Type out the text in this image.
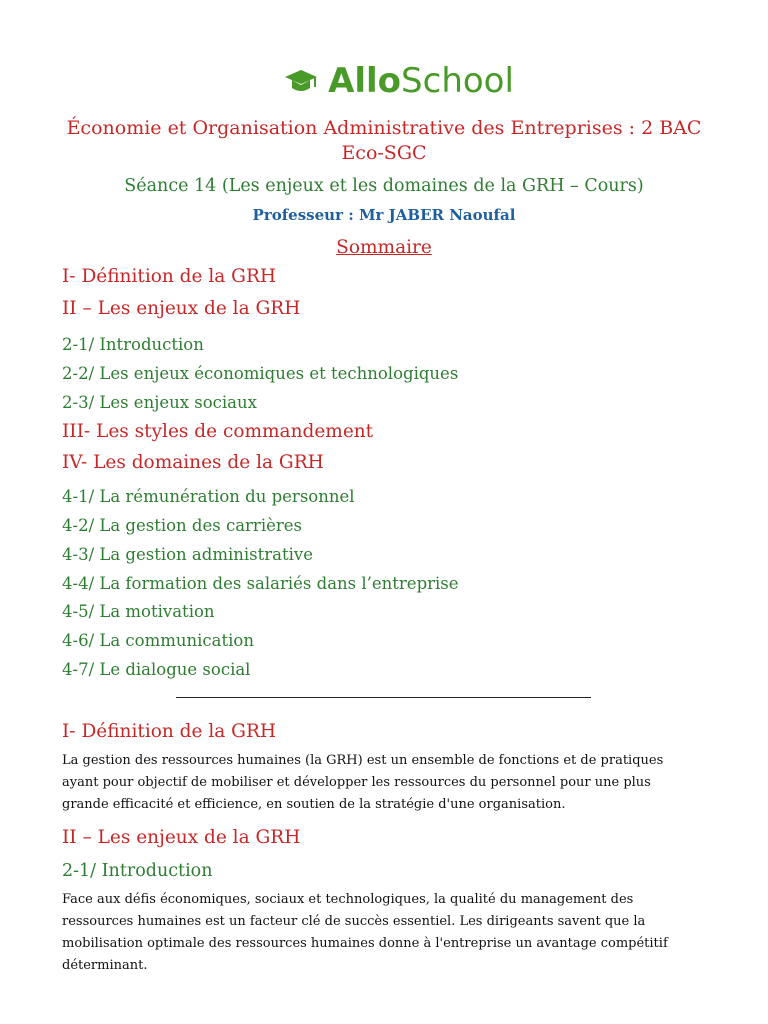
AlloSchool
Économie et Organisation Administrative des Entreprises : 2 BAC
Eco-SGC
Séance 14 (Les enjeux et les domaines de la GRH – Cours)
Professeur : Mr JABER Naoufal
Sommaire
I- Définition de la GRH
II – Les enjeux de la GRH
2-1/ Introduction
2-2/ Les enjeux économiques et technologiques
2-3/ Les enjeux sociaux
III- Les styles de commandement
IV- Les domaines de la GRH
4-1/ La rémunération du personnel
4-2/ La gestion des carrières
4-3/ La gestion administrative
4-4/ La formation des salariés dans l’entreprise
4-5/ La motivation
4-6/ La communication
4-7/ Le dialogue social
I- Définition de la GRH
La gestion des ressources humaines (la GRH) est un ensemble de fonctions et de pratiques
ayant pour objectif de mobiliser et développer les ressources du personnel pour une plus
grande efficacité et efficience, en soutien de la stratégie d'une organisation.
II – Les enjeux de la GRH
2-1/ Introduction
Face aux défis économiques, sociaux et technologiques, la qualité du management des
ressources humaines est un facteur clé de succès essentiel. Les dirigeants savent que la
mobilisation optimale des ressources humaines donne à l'entreprise un avantage compétitif
déterminant.
